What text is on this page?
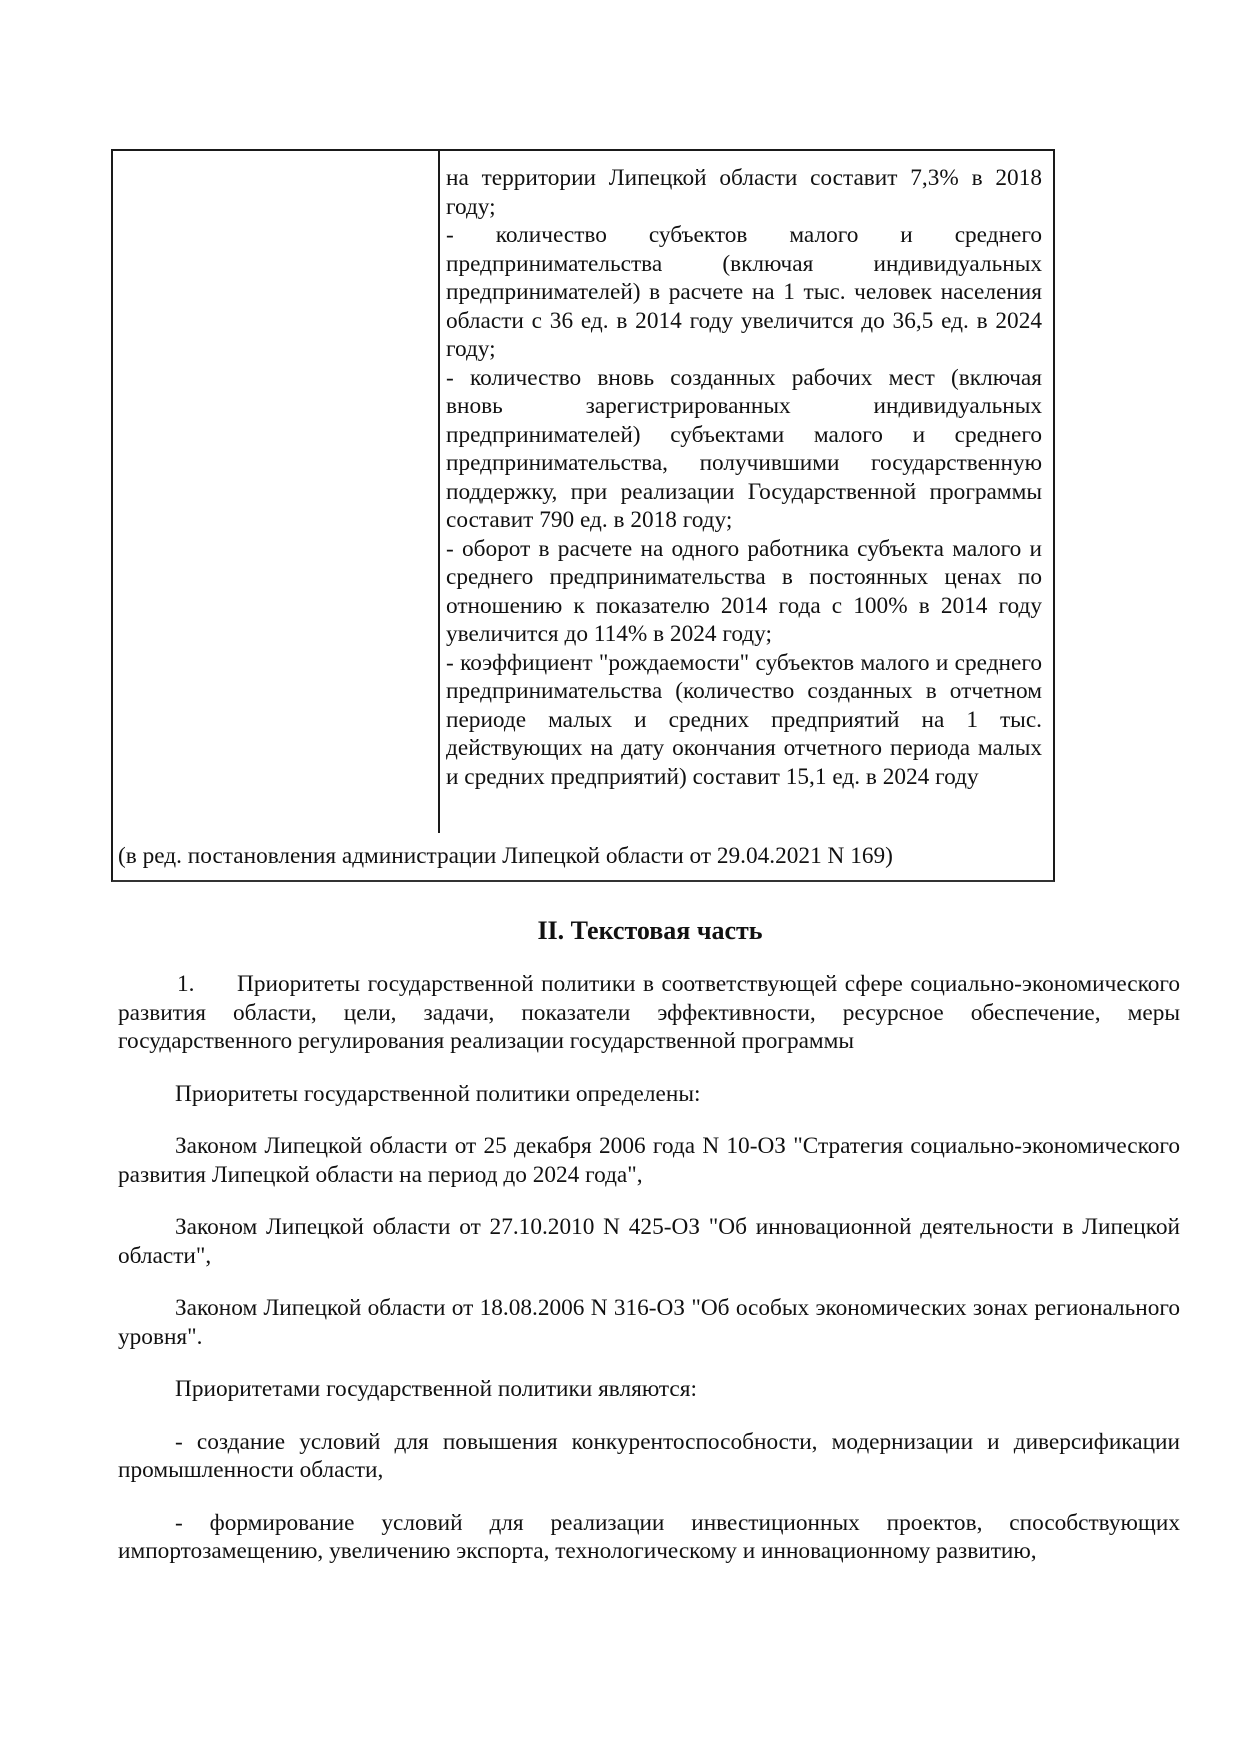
на территории Липецкой области составит 7,3% в 2018 году;

- количество субъектов малого и среднего предпринимательства (включая индивидуальных предпринимателей) в расчете на 1 тыс. человек населения области с 36 ед. в 2014 году увеличится до 36,5 ед. в 2024 году;

- количество вновь созданных рабочих мест (включая вновь зарегистрированных индивидуальных предпринимателей) субъектами малого и среднего предпринимательства, получившими государственную поддержку, при реализации Государственной программы составит 790 ед. в 2018 году;

- оборот в расчете на одного работника субъекта малого и среднего предпринимательства в постоянных ценах по отношению к показателю 2014 года с 100% в 2014 году увеличится до 114% в 2024 году;

- коэффициент "рождаемости" субъектов малого и среднего предпринимательства (количество созданных в отчетном периоде малых и средних предприятий на 1 тыс. действующих на дату окончания отчетного периода малых и средних предприятий) составит 15,1 ед. в 2024 году

(в ред. постановления администрации Липецкой области от 29.04.2021 N 169)
II. Текстовая часть

1. Приоритеты государственной политики в соответствующей сфере социально-экономического развития области, цели, задачи, показатели эффективности, ресурсное обеспечение, меры государственного регулирования реализации государственной программы

Приоритеты государственной политики определены:

Законом Липецкой области от 25 декабря 2006 года N 10-ОЗ "Стратегия социально-экономического развития Липецкой области на период до 2024 года",

Законом Липецкой области от 27.10.2010 N 425-ОЗ "Об инновационной деятельности в Липецкой области",

Законом Липецкой области от 18.08.2006 N 316-ОЗ "Об особых экономических зонах регионального уровня".

Приоритетами государственной политики являются:

- создание условий для повышения конкурентоспособности, модернизации и диверсификации промышленности области,

- формирование условий для реализации инвестиционных проектов, способствующих импортозамещению, увеличению экспорта, технологическому и инновационному развитию,
